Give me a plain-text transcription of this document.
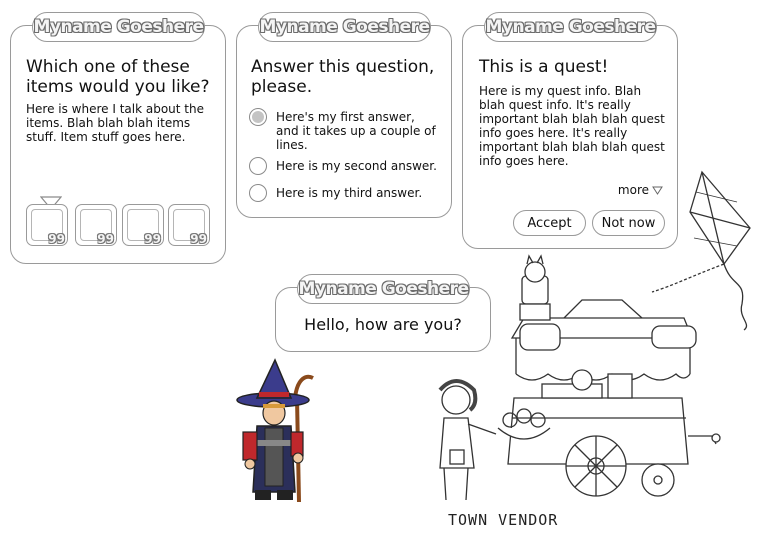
Myname Goeshere
Which one of these items would you like?

Here is where I talk about the items. Blah blah blah items stuff. Item stuff goes here.

99	99	99 99
Myname Goeshere
Answer this question, please.
Here's my first answer, and it takes up a couple of lines.
Here is my second answer.
Here is my third answer.
Myname Goeshere
This is a quest!

Here is my quest info. Blah blah quest info. It's really important blah blah blah quest info goes here. It's really important blah blah blah quest info goes here.

more
Accept	Not now
Myname Goeshere
Hello, how are you?
TOWN VENDOR
